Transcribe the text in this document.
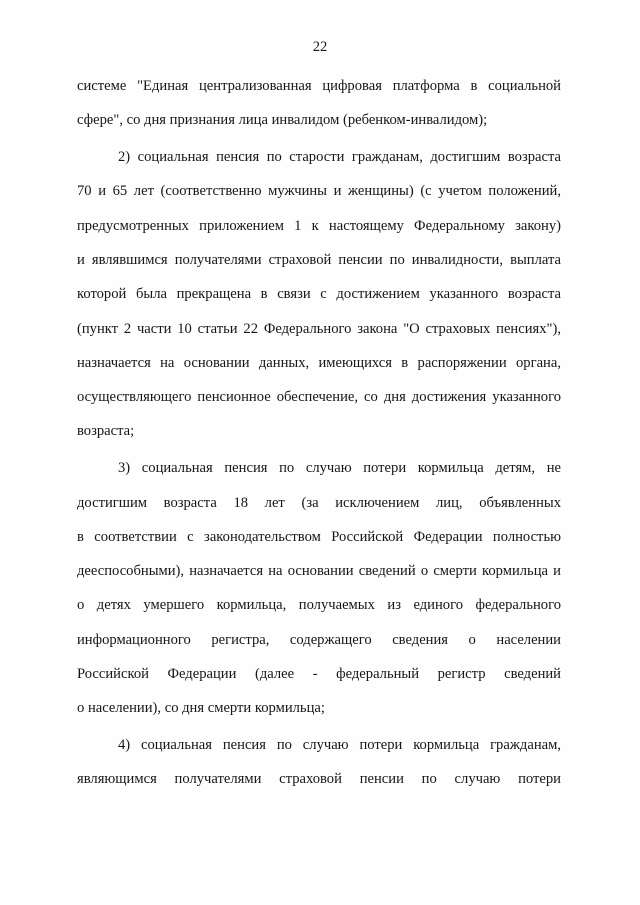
22
системе "Единая централизованная цифровая платформа в социальной
сфере", со дня признания лица инвалидом (ребенком-инвалидом);
2) социальная пенсия по старости гражданам, достигшим возраста
70 и 65 лет (соответственно мужчины и женщины) (с учетом положений,
предусмотренных приложением 1 к настоящему Федеральному закону)
и являвшимся получателями страховой пенсии по инвалидности, выплата
которой была прекращена в связи с достижением указанного возраста
(пункт 2 части 10 статьи 22 Федерального закона "О страховых пенсиях"),
назначается на основании данных, имеющихся в распоряжении органа,
осуществляющего пенсионное обеспечение, со дня достижения указанного
возраста;
3) социальная пенсия по случаю потери кормильца детям, не
достигшим возраста 18 лет (за исключением лиц, объявленных
в соответствии с законодательством Российской Федерации полностью
дееспособными), назначается на основании сведений о смерти кормильца и
о детях умершего кормильца, получаемых из единого федерального
информационного регистра, содержащего сведения о населении
Российской Федерации (далее - федеральный регистр сведений
о населении), со дня смерти кормильца;
4) социальная пенсия по случаю потери кормильца гражданам,
являющимся получателями страховой пенсии по случаю потери
